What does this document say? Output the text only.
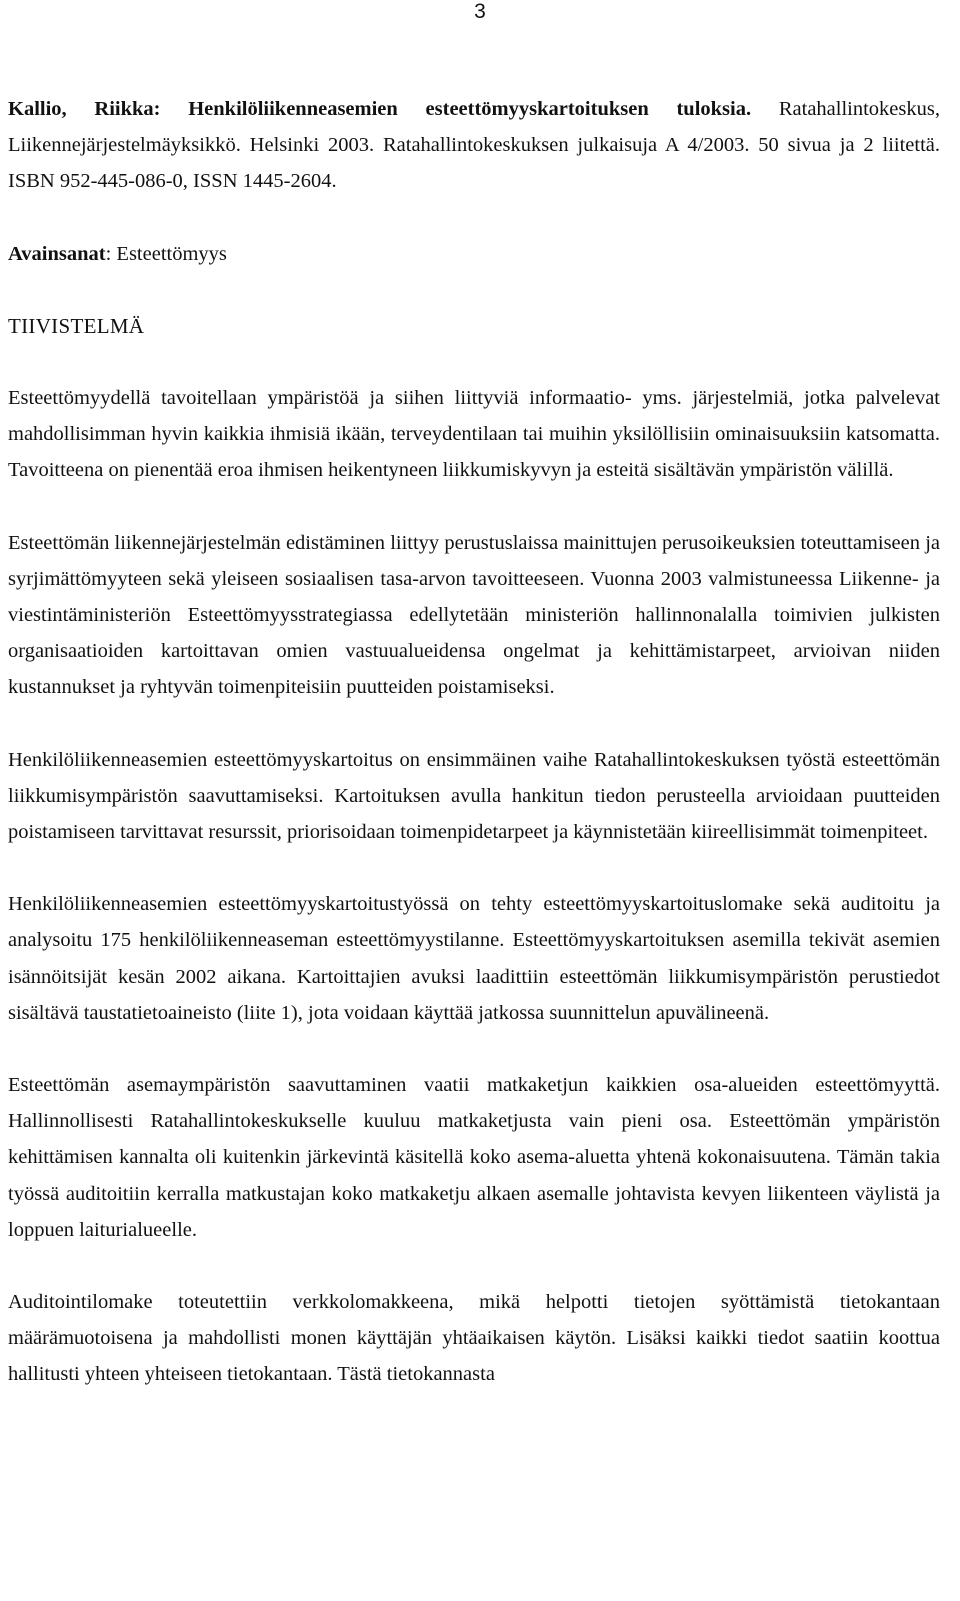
3

Kallio, Riikka: Henkilöliikenneasemien esteettömyyskartoituksen tuloksia. Ratahallintokeskus, Liikennejärjestelmäyksikkö. Helsinki 2003. Ratahallintokeskuksen julkaisuja A 4/2003. 50 sivua ja 2 liitettä. ISBN 952-445-086-0, ISSN 1445-2604.

Avainsanat: Esteettömyys

TIIVISTELMÄ

Esteettömyydellä tavoitellaan ympäristöä ja siihen liittyviä informaatio- yms. järjestelmiä, jotka palvelevat mahdollisimman hyvin kaikkia ihmisiä ikään, terveydentilaan tai muihin yksilöllisiin ominaisuuksiin katsomatta. Tavoitteena on pienentää eroa ihmisen heikentyneen liikkumiskyvyn ja esteitä sisältävän ympäristön välillä.

Esteettömän liikennejärjestelmän edistäminen liittyy perustuslaissa mainittujen perusoikeuksien toteuttamiseen ja syrjimättömyyteen sekä yleiseen sosiaalisen tasa-arvon tavoitteeseen. Vuonna 2003 valmistuneessa Liikenne- ja viestintäministeriön Esteettömyysstrategiassa edellytetään ministeriön hallinnonalalla toimivien julkisten organisaatioiden kartoittavan omien vastuualueidensa ongelmat ja kehittämistarpeet, arvioivan niiden kustannukset ja ryhtyvän toimenpiteisiin puutteiden poistamiseksi.

Henkilöliikenneasemien esteettömyyskartoitus on ensimmäinen vaihe Ratahallintokeskuksen työstä esteettömän liikkumisympäristön saavuttamiseksi. Kartoituksen avulla hankitun tiedon perusteella arvioidaan puutteiden poistamiseen tarvittavat resurssit, priorisoidaan toimenpidetarpeet ja käynnistetään kiireellisimmät toimenpiteet.

Henkilöliikenneasemien esteettömyyskartoitustyössä on tehty esteettömyyskartoituslomake sekä auditoitu ja analysoitu 175 henkilöliikenneaseman esteettömyystilanne. Esteettömyyskartoituksen asemilla tekivät asemien isännöitsijät kesän 2002 aikana. Kartoittajien avuksi laadittiin esteettömän liikkumisympäristön perustiedot sisältävä taustatietoaineisto (liite 1), jota voidaan käyttää jatkossa suunnittelun apuvälineenä.

Esteettömän asemaympäristön saavuttaminen vaatii matkaketjun kaikkien osa-alueiden esteettömyyttä. Hallinnollisesti Ratahallintokeskukselle kuuluu matkaketjusta vain pieni osa. Esteettömän ympäristön kehittämisen kannalta oli kuitenkin järkevintä käsitellä koko asema-aluetta yhtenä kokonaisuutena. Tämän takia työssä auditoitiin kerralla matkustajan koko matkaketju alkaen asemalle johtavista kevyen liikenteen väylistä ja loppuen laiturialueelle.

Auditointilomake toteutettiin verkkolomakkeena, mikä helpotti tietojen syöttämistä tietokantaan määrämuotoisena ja mahdollisti monen käyttäjän yhtäaikaisen käytön. Lisäksi kaikki tiedot saatiin koottua hallitusti yhteen yhteiseen tietokantaan. Tästä tietokannasta
